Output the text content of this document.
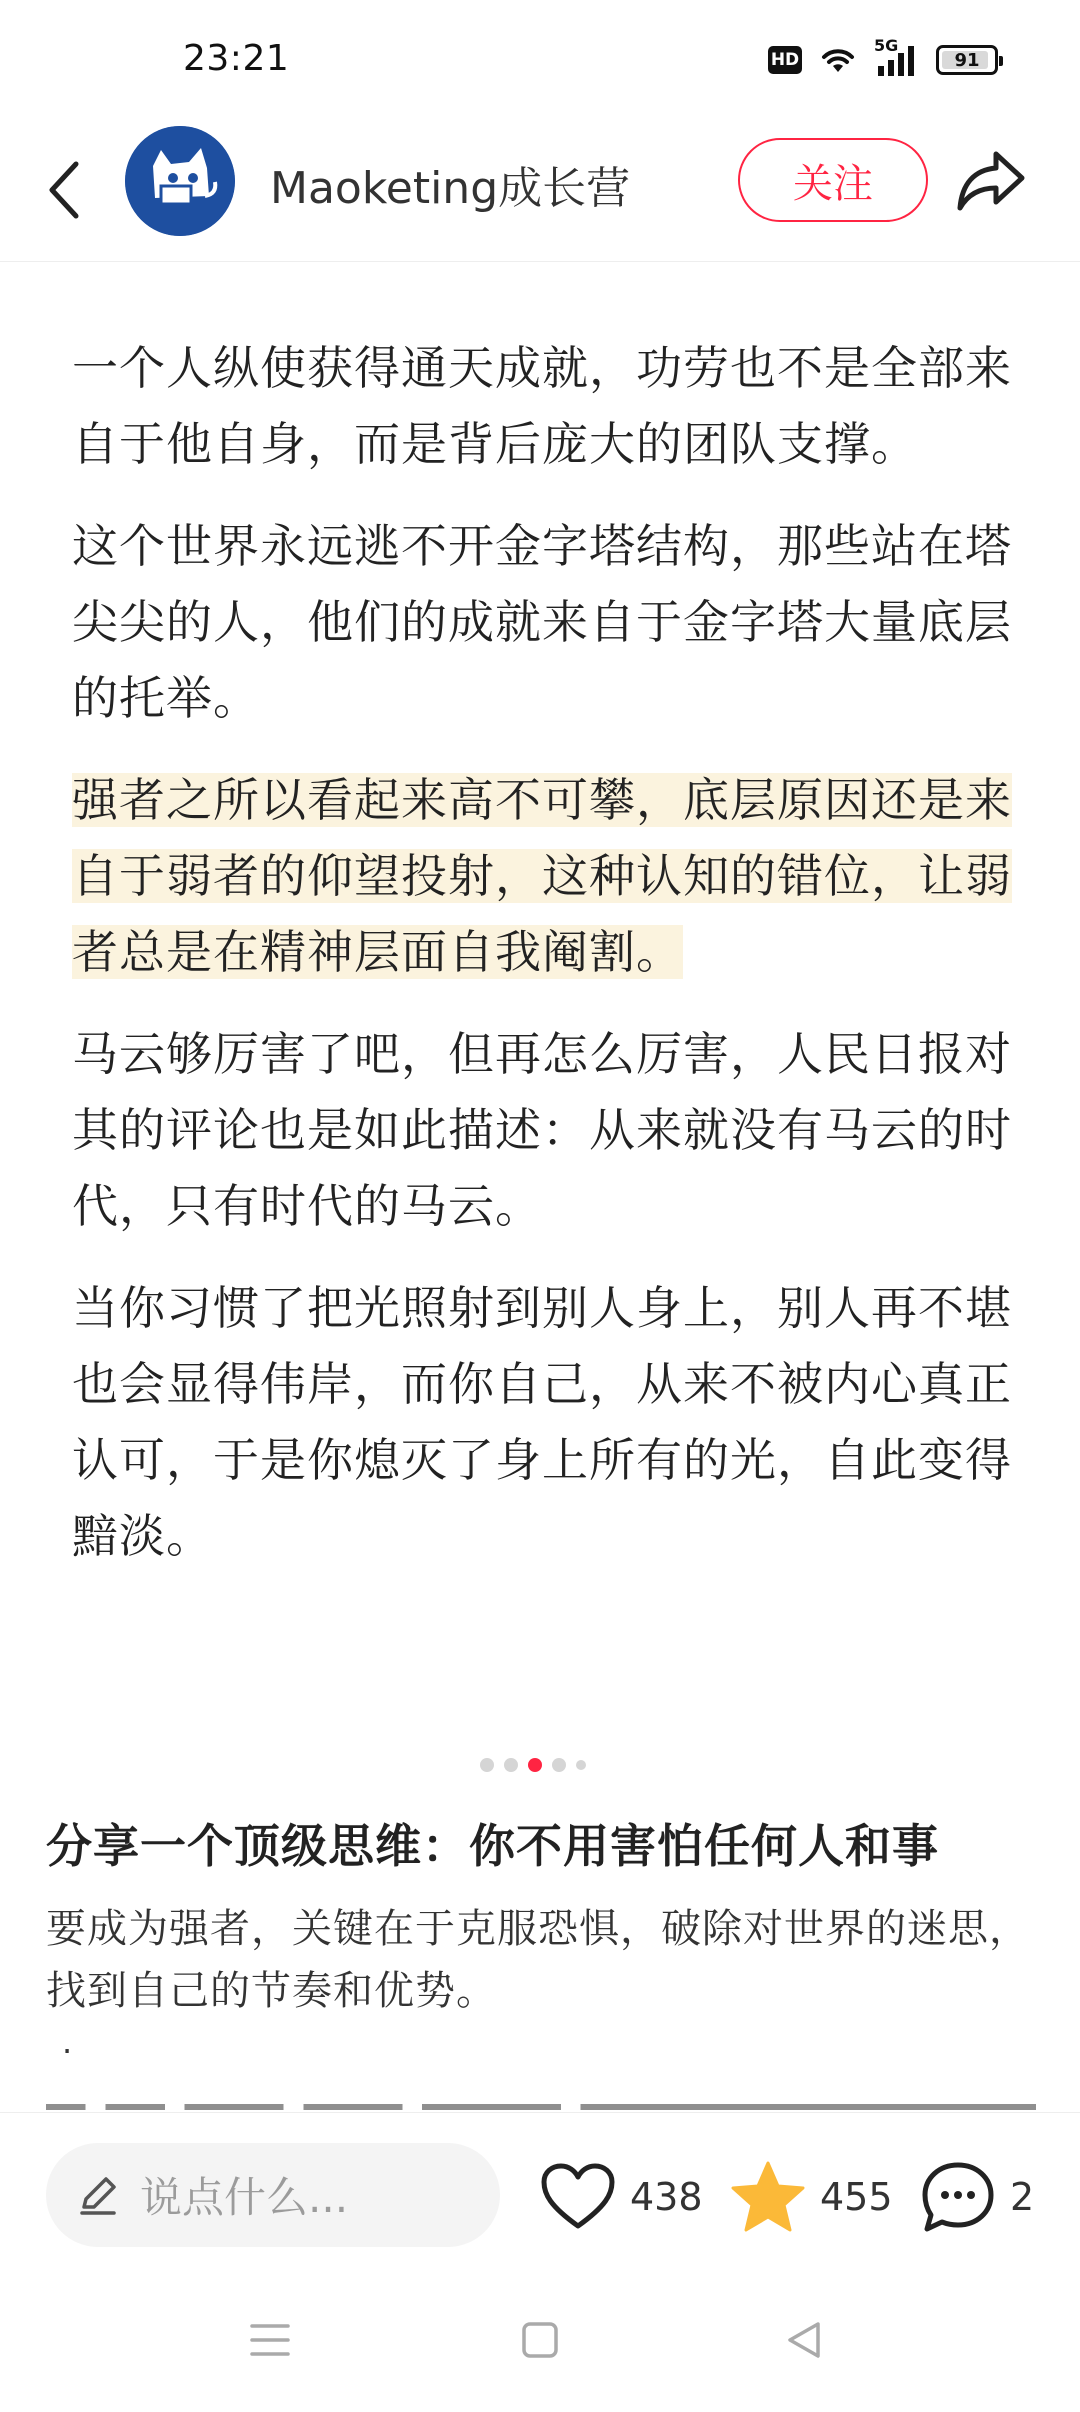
23:21	HD
5G
91
Maoketing成长营	关注

一个人纵使获得通天成就，功劳也不是全部来自于他自身，而是背后庞大的团队支撑。

这个世界永远逃不开金字塔结构，那些站在塔尖尖的人，他们的成就来自于金字塔大量底层的托举。

强者之所以看起来高不可攀，底层原因还是来自于弱者的仰望投射，这种认知的错位，让弱者总是在精神层面自我阉割。

马云够厉害了吧，但再怎么厉害，人民日报对其的评论也是如此描述：从来就没有马云的时代，只有时代的马云。

当你习惯了把光照射到别人身上，别人再不堪也会显得伟岸，而你自己，从来不被内心真正认可，于是你熄灭了身上所有的光，自此变得黯淡。

分享一个顶级思维：你不用害怕任何人和事
要成为强者，关键在于克服恐惧，破除对世界的迷思，找到自己的节奏和优势。
·
说点什么...	438	455	2
